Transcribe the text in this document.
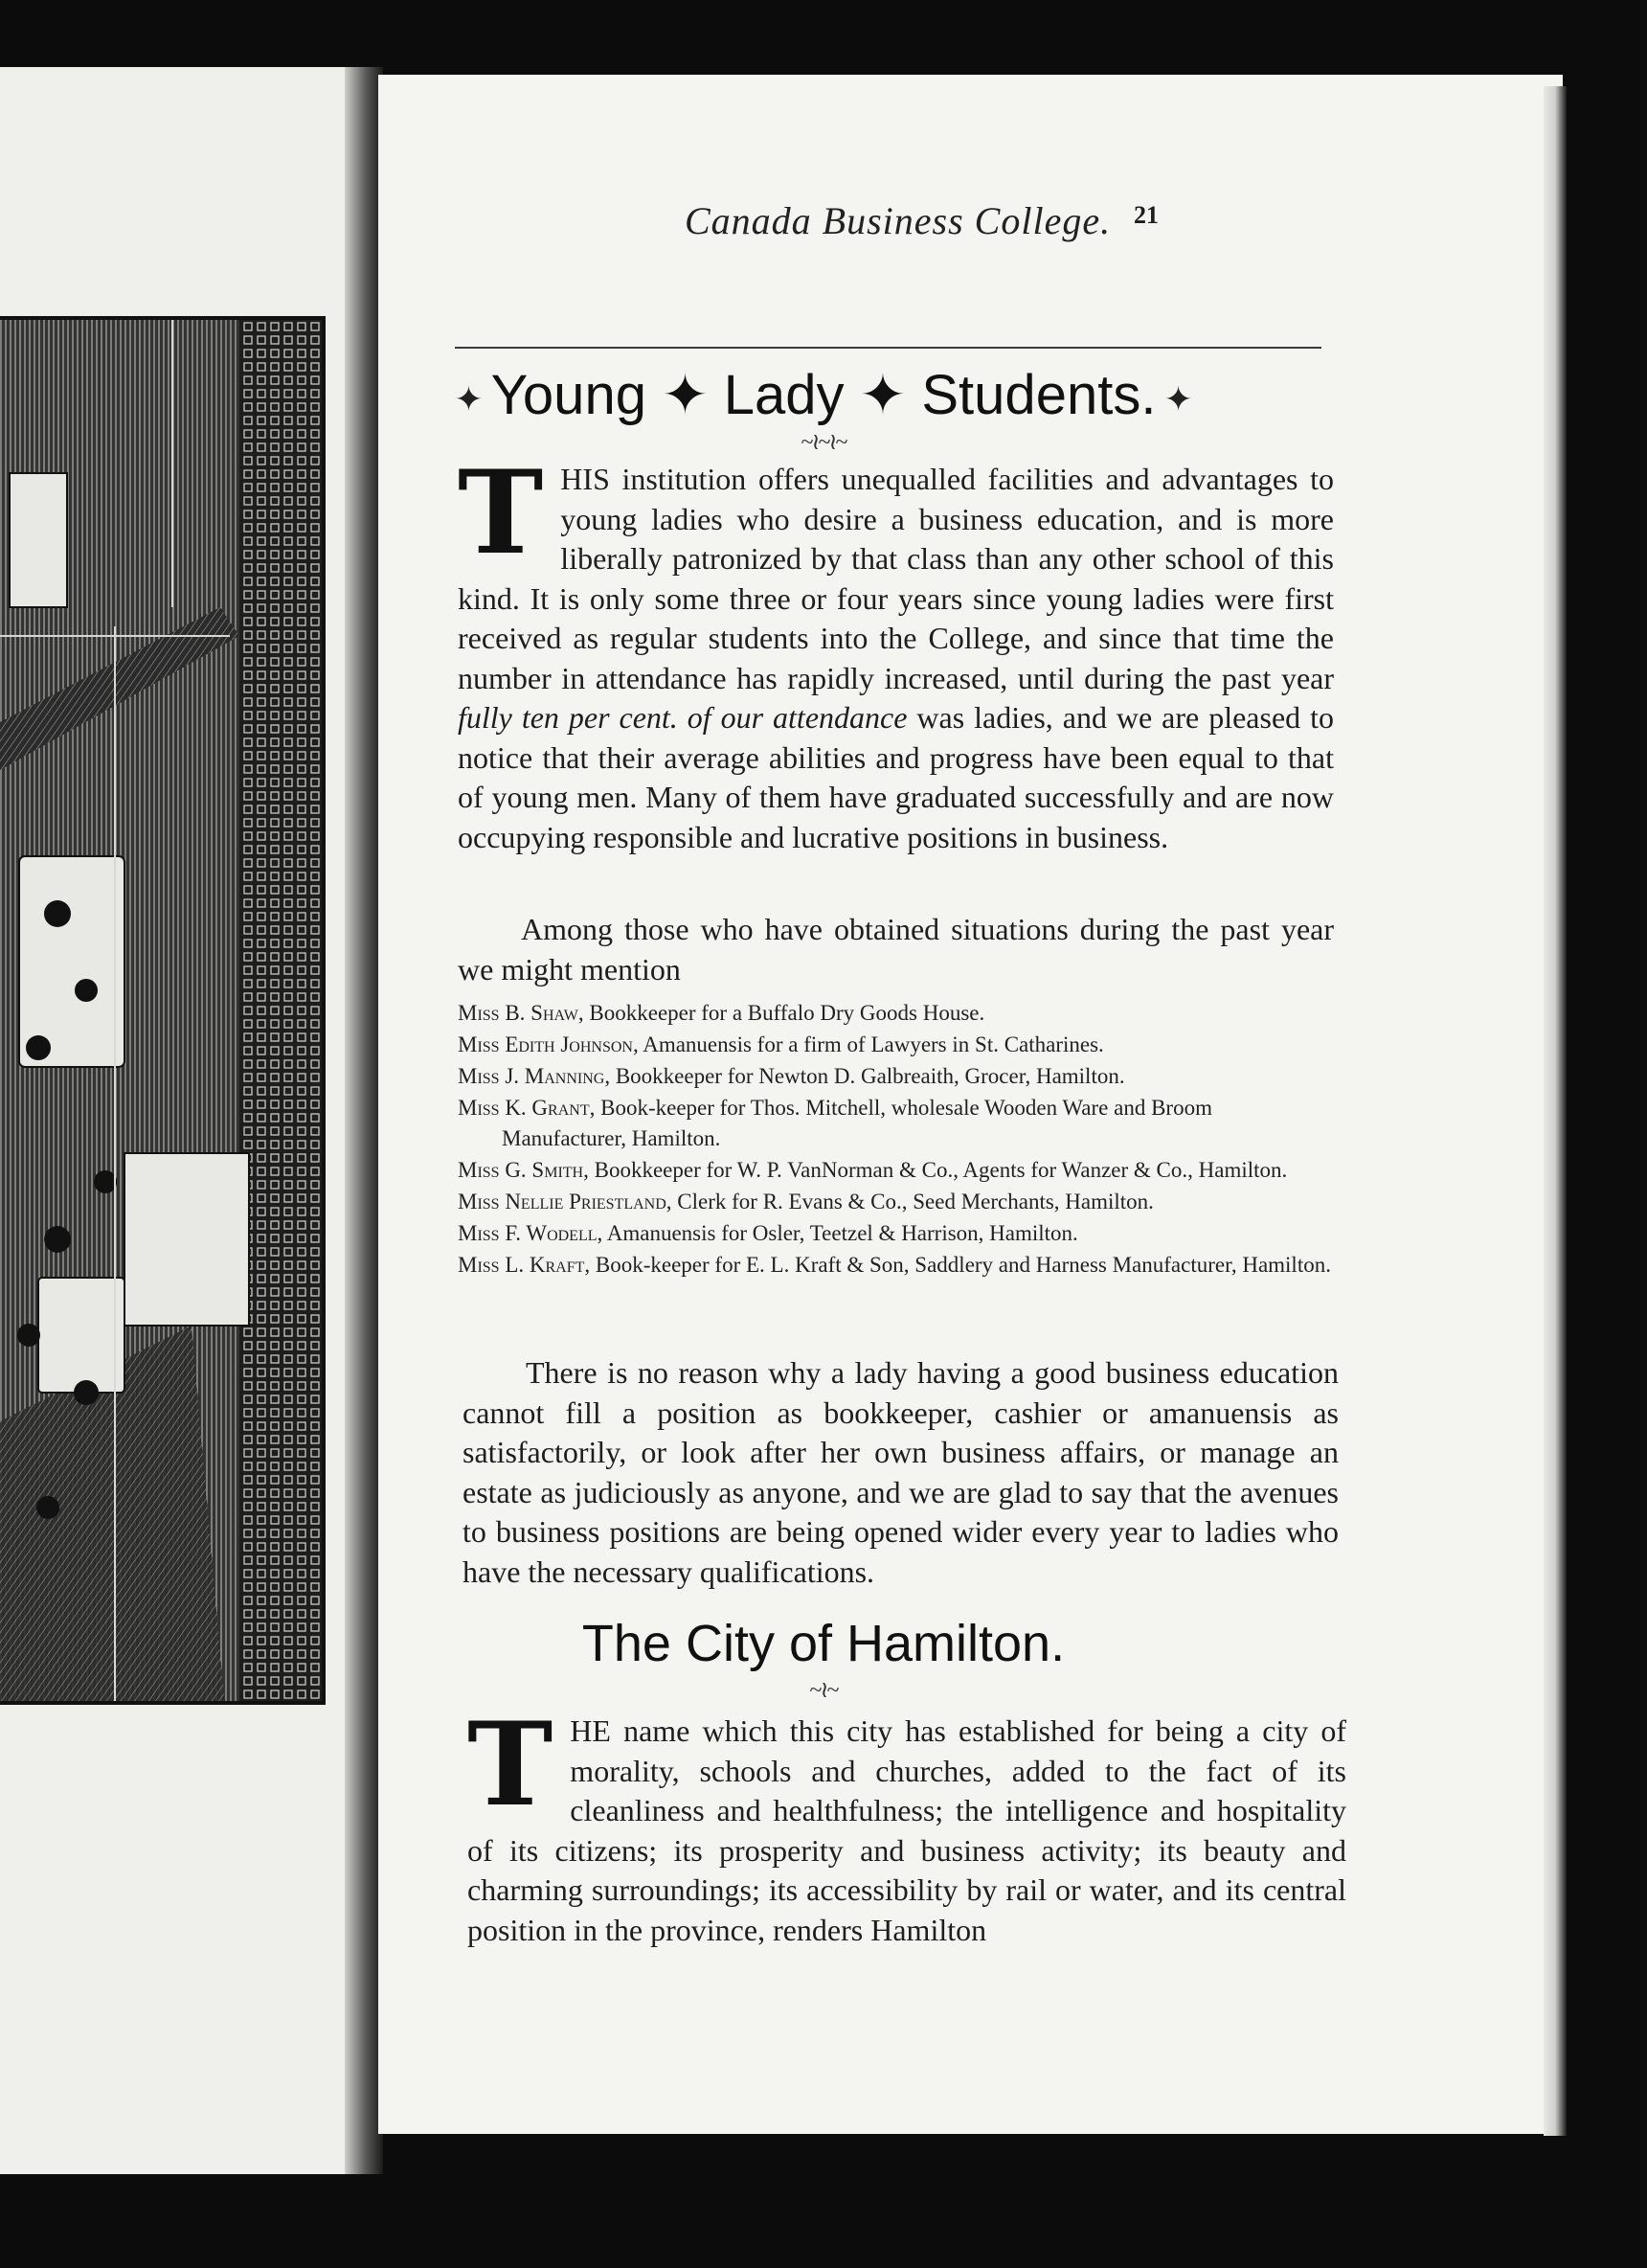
Canada Business College. 21
✦ Young ✦ Lady ✦ Students. ✦
~≀~≀~
T HIS institution offers unequalled facilities and advantages to young ladies who desire a business education, and is more liberally patronized by that class than any other school of this kind. It is only some three or four years since young ladies were first received as regular students into the College, and since that time the number in attendance has rapidly increased, until during the past year fully ten per cent. of our attendance was ladies, and we are pleased to notice that their average abilities and progress have been equal to that of young men. Many of them have graduated successfully and are now occupying responsible and lucrative positions in business.
Among those who have obtained situations during the past year we might mention
Miss B. Shaw, Bookkeeper for a Buffalo Dry Goods House.
Miss Edith Johnson, Amanuensis for a firm of Lawyers in St. Catharines.
Miss J. Manning, Bookkeeper for Newton D. Galbreaith, Grocer, Hamilton.
Miss K. Grant, Book-keeper for Thos. Mitchell, wholesale Wooden Ware and Broom Manufacturer, Hamilton.
Miss G. Smith, Bookkeeper for W. P. VanNorman & Co., Agents for Wanzer & Co., Hamilton.
Miss Nellie Priestland, Clerk for R. Evans & Co., Seed Merchants, Hamilton.
Miss F. Wodell, Amanuensis for Osler, Teetzel & Harrison, Hamilton.
Miss L. Kraft, Book-keeper for E. L. Kraft & Son, Saddlery and Harness Manufacturer, Hamilton.
There is no reason why a lady having a good business education cannot fill a position as bookkeeper, cashier or amanuensis as satisfactorily, or look after her own business affairs, or manage an estate as judiciously as anyone, and we are glad to say that the avenues to business positions are being opened wider every year to ladies who have the necessary qualifications.
The City of Hamilton.
~≀~
T HE name which this city has established for being a city of morality, schools and churches, added to the fact of its cleanliness and healthfulness; the intelligence and hospitality of its citizens; its prosperity and business activity; its beauty and charming surroundings; its accessibility by rail or water, and its central position in the province, renders Hamilton
